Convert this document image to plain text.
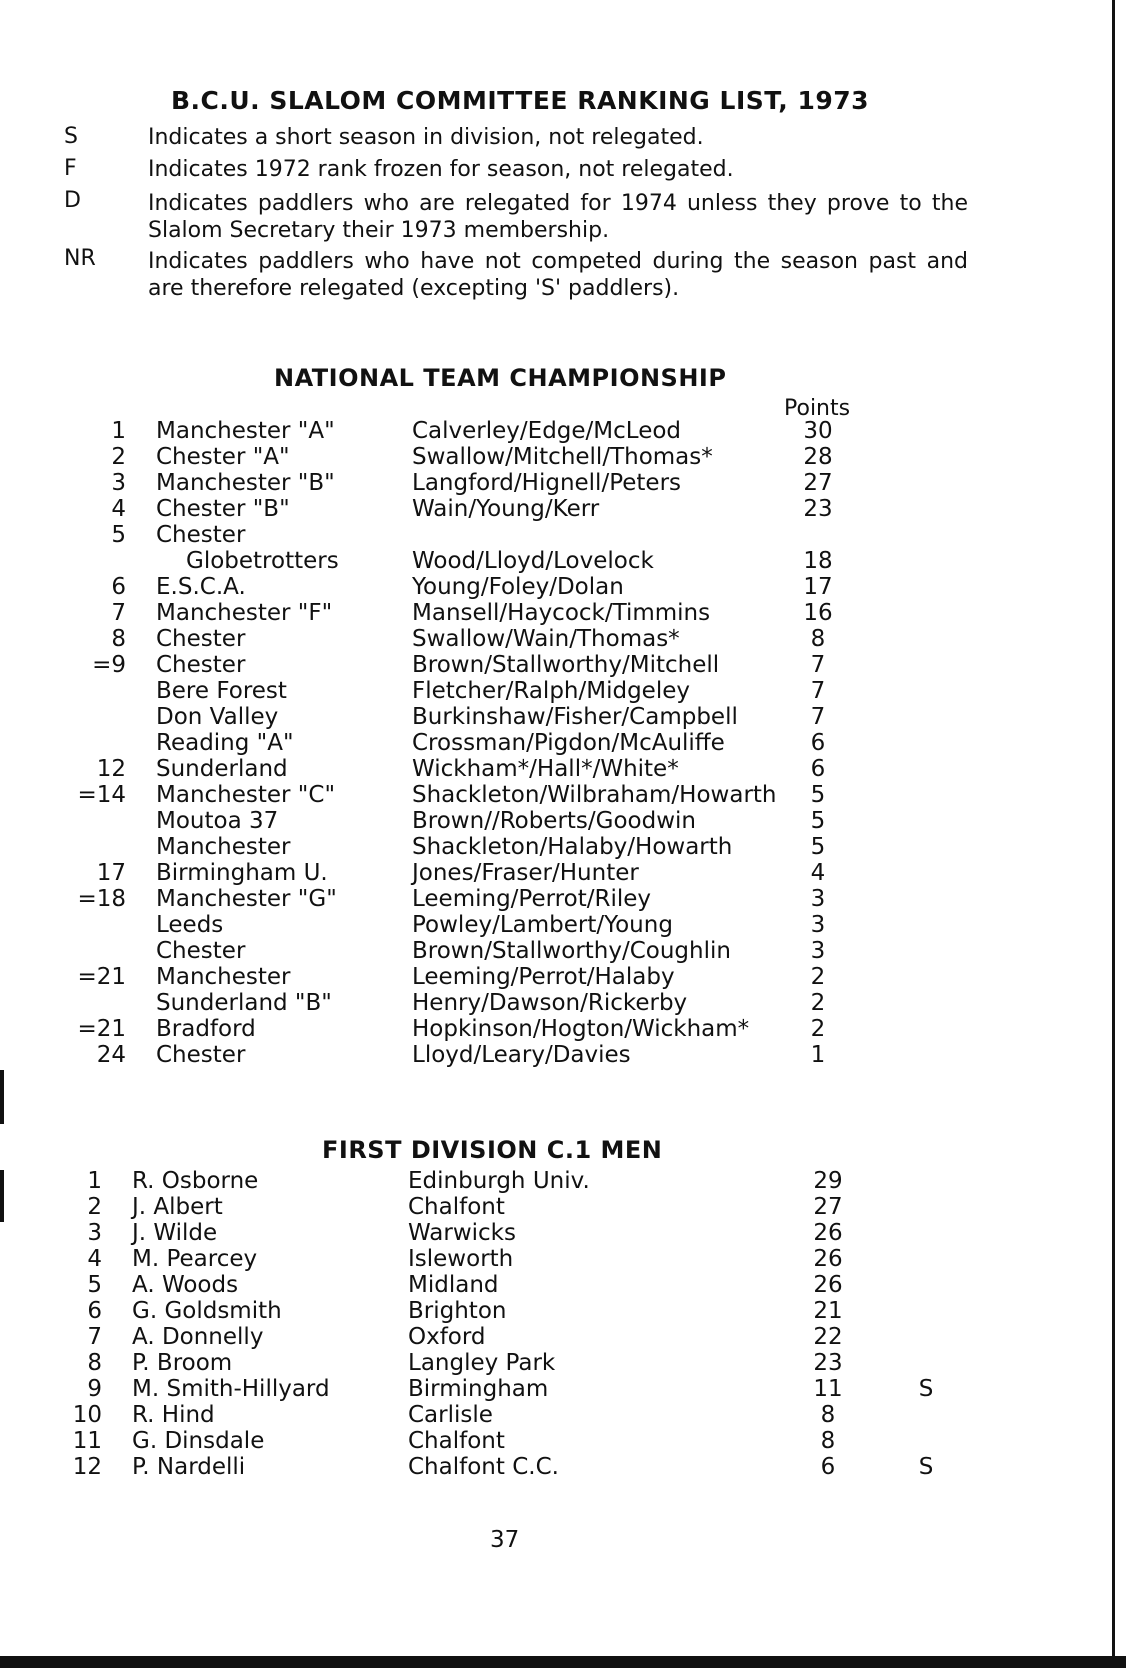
B.C.U. SLALOM COMMITTEE RANKING LIST, 1973
S	Indicates a short season in division, not relegated.
F	Indicates 1972 rank frozen for season, not relegated.
D	Indicates paddlers who are relegated for 1974 unless they prove to the Slalom Secretary their 1973 membership.
NR Indicates paddlers who have not competed during the season past and are therefore relegated (excepting 'S' paddlers).
NATIONAL TEAM CHAMPIONSHIP
Points
1 Manchester "A"	Calverley/Edge/McLeod	30
2 Chester "A"	Swallow/Mitchell/Thomas*	28
3 Manchester "B"	Langford/Hignell/Peters	27
4 Chester "B"	Wain/Young/Kerr	23
5 Chester
Globetrotters	Wood/Lloyd/Lovelock	18
6 E.S.C.A.	Young/Foley/Dolan	17
7 Manchester "F"	Mansell/Haycock/Timmins	16
8 Chester	Swallow/Wain/Thomas*	8
=9 Chester	Brown/Stallworthy/Mitchell	7
Bere Forest	Fletcher/Ralph/Midgeley	7
Don Valley	Burkinshaw/Fisher/Campbell	7
Reading "A"	Crossman/Pigdon/McAuliffe	6
12 Sunderland	Wickham*/Hall*/White*	6
=14 Manchester "C"	Shackleton/Wilbraham/Howarth	5
Moutoa 37	Brown//Roberts/Goodwin	5
Manchester	Shackleton/Halaby/Howarth	5
17 Birmingham U.	Jones/Fraser/Hunter	4
=18 Manchester "G"	Leeming/Perrot/Riley	3
Leeds	Powley/Lambert/Young	3
Chester	Brown/Stallworthy/Coughlin	3
=21 Manchester	Leeming/Perrot/Halaby	2
Sunderland "B"	Henry/Dawson/Rickerby	2
=21 Bradford	Hopkinson/Hogton/Wickham*	2
24 Chester	Lloyd/Leary/Davies	1
FIRST DIVISION C.1 MEN
1 R. Osborne	Edinburgh Univ.	29
2 J. Albert	Chalfont	27
3 J. Wilde	Warwicks	26
4 M. Pearcey	Isleworth	26
5 A. Woods	Midland	26
6 G. Goldsmith	Brighton	21
7 A. Donnelly	Oxford	22
8 P. Broom	Langley Park	23
9 M. Smith-Hillyard	Birmingham	11	S
10 R. Hind	Carlisle	8
11 G. Dinsdale	Chalfont	8
12 P. Nardelli	Chalfont C.C.	6	S
37
